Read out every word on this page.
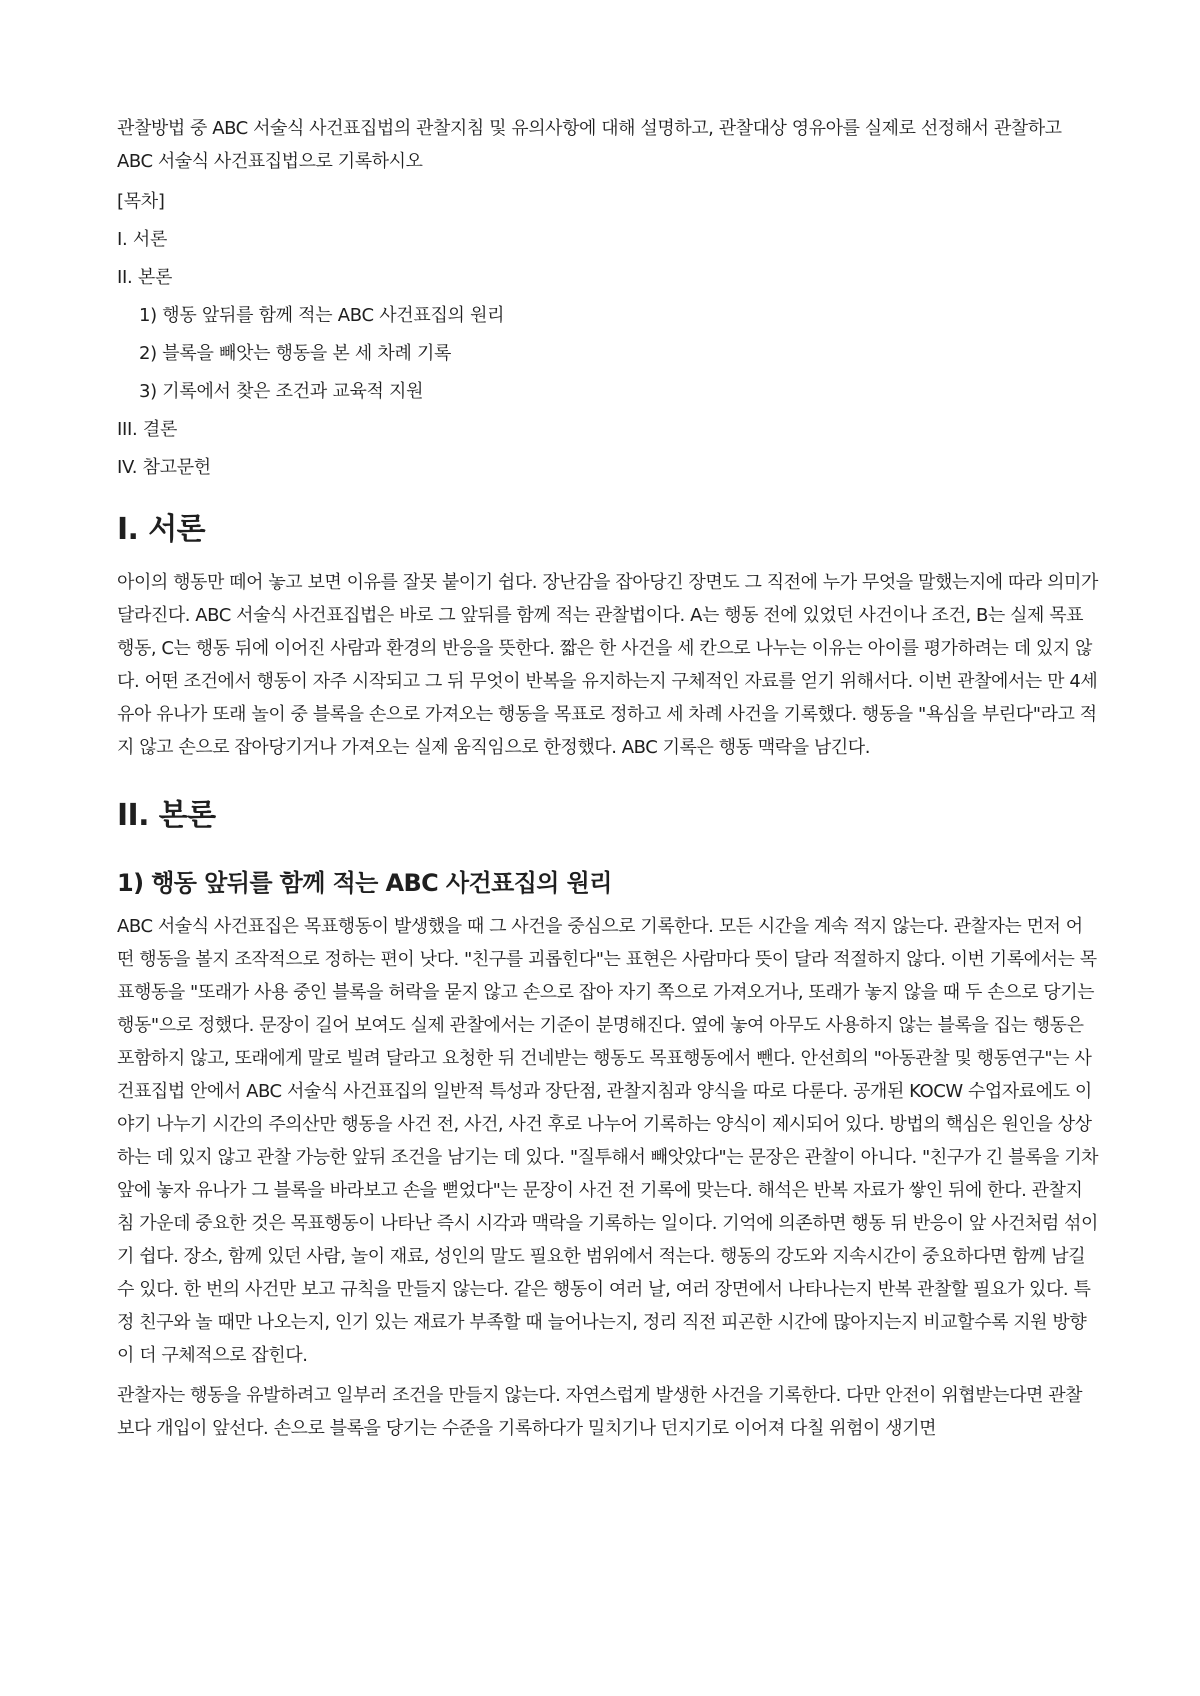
관찰방법 중 ABC 서술식 사건표집법의 관찰지침 및 유의사항에 대해 설명하고, 관찰대상 영유아를 실제로 선정해서 관찰하고 ABC 서술식 사건표집법으로 기록하시오

[목차]
I. 서론
II. 본론
1) 행동 앞뒤를 함께 적는 ABC 사건표집의 원리
2) 블록을 빼앗는 행동을 본 세 차례 기록
3) 기록에서 찾은 조건과 교육적 지원
III. 결론
IV. 참고문헌
I. 서론

아이의 행동만 떼어 놓고 보면 이유를 잘못 붙이기 쉽다. 장난감을 잡아당긴 장면도 그 직전에 누가 무엇을 말했는지에 따라 의미가 달라진다. ABC 서술식 사건표집법은 바로 그 앞뒤를 함께 적는 관찰법이다. A는 행동 전에 있었던 사건이나 조건, B는 실제 목표행동, C는 행동 뒤에 이어진 사람과 환경의 반응을 뜻한다. 짧은 한 사건을 세 칸으로 나누는 이유는 아이를 평가하려는 데 있지 않다. 어떤 조건에서 행동이 자주 시작되고 그 뒤 무엇이 반복을 유지하는지 구체적인 자료를 얻기 위해서다. 이번 관찰에서는 만 4세 유아 유나가 또래 놀이 중 블록을 손으로 가져오는 행동을 목표로 정하고 세 차례 사건을 기록했다. 행동을 "욕심을 부린다"라고 적지 않고 손으로 잡아당기거나 가져오는 실제 움직임으로 한정했다. ABC 기록은 행동 맥락을 남긴다.

II. 본론
1) 행동 앞뒤를 함께 적는 ABC 사건표집의 원리

ABC 서술식 사건표집은 목표행동이 발생했을 때 그 사건을 중심으로 기록한다. 모든 시간을 계속 적지 않는다. 관찰자는 먼저 어떤 행동을 볼지 조작적으로 정하는 편이 낫다. "친구를 괴롭힌다"는 표현은 사람마다 뜻이 달라 적절하지 않다. 이번 기록에서는 목표행동을 "또래가 사용 중인 블록을 허락을 묻지 않고 손으로 잡아 자기 쪽으로 가져오거나, 또래가 놓지 않을 때 두 손으로 당기는 행동"으로 정했다. 문장이 길어 보여도 실제 관찰에서는 기준이 분명해진다. 옆에 놓여 아무도 사용하지 않는 블록을 집는 행동은 포함하지 않고, 또래에게 말로 빌려 달라고 요청한 뒤 건네받는 행동도 목표행동에서 뺀다. 안선희의 "아동관찰 및 행동연구"는 사건표집법 안에서 ABC 서술식 사건표집의 일반적 특성과 장단점, 관찰지침과 양식을 따로 다룬다. 공개된 KOCW 수업자료에도 이야기 나누기 시간의 주의산만 행동을 사건 전, 사건, 사건 후로 나누어 기록하는 양식이 제시되어 있다. 방법의 핵심은 원인을 상상하는 데 있지 않고 관찰 가능한 앞뒤 조건을 남기는 데 있다. "질투해서 빼앗았다"는 문장은 관찰이 아니다. "친구가 긴 블록을 기차 앞에 놓자 유나가 그 블록을 바라보고 손을 뻗었다"는 문장이 사건 전 기록에 맞는다. 해석은 반복 자료가 쌓인 뒤에 한다. 관찰지침 가운데 중요한 것은 목표행동이 나타난 즉시 시각과 맥락을 기록하는 일이다. 기억에 의존하면 행동 뒤 반응이 앞 사건처럼 섞이기 쉽다. 장소, 함께 있던 사람, 놀이 재료, 성인의 말도 필요한 범위에서 적는다. 행동의 강도와 지속시간이 중요하다면 함께 남길 수 있다. 한 번의 사건만 보고 규칙을 만들지 않는다. 같은 행동이 여러 날, 여러 장면에서 나타나는지 반복 관찰할 필요가 있다. 특정 친구와 놀 때만 나오는지, 인기 있는 재료가 부족할 때 늘어나는지, 정리 직전 피곤한 시간에 많아지는지 비교할수록 지원 방향이 더 구체적으로 잡힌다.

관찰자는 행동을 유발하려고 일부러 조건을 만들지 않는다. 자연스럽게 발생한 사건을 기록한다. 다만 안전이 위협받는다면 관찰보다 개입이 앞선다. 손으로 블록을 당기는 수준을 기록하다가 밀치기나 던지기로 이어져 다칠 위험이 생기면
